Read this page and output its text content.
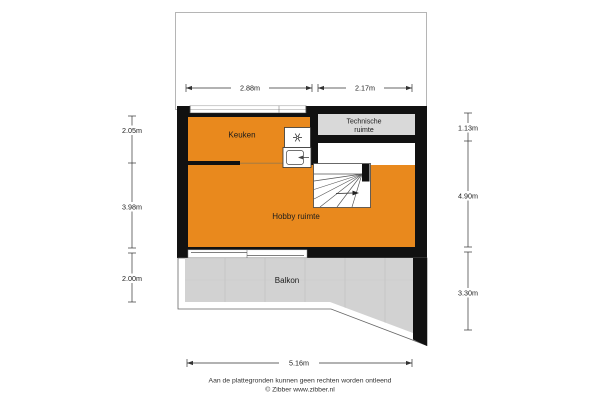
2.88m	2.17m
5.16m
2.05m
3.98m
2.00m
1.13m
4.90m
3.30m
Keuken
Technische
ruimte
Hobby ruimte
Balkon
Aan de plattegronden kunnen geen rechten worden ontleend
© Zibber www.zibber.nl
